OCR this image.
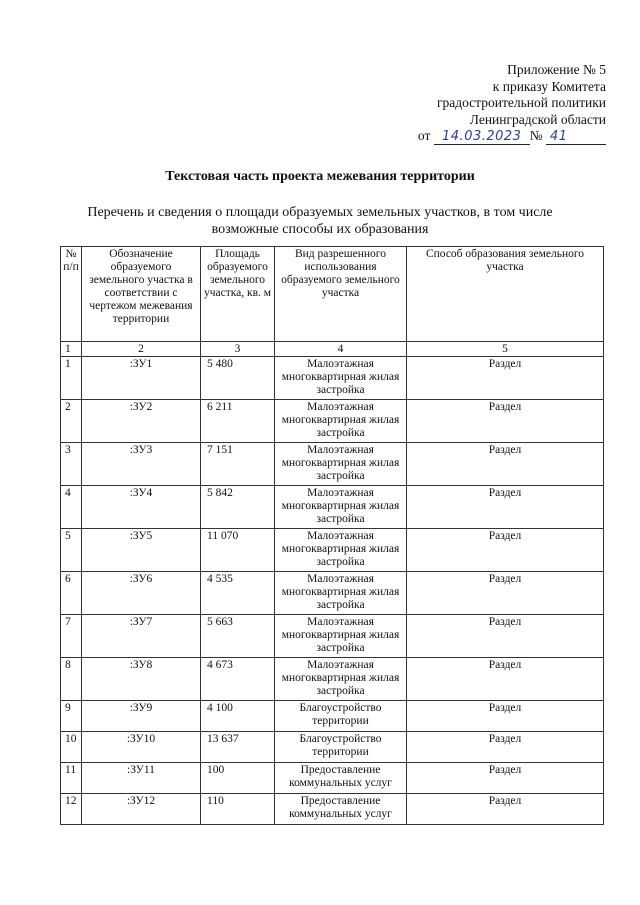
Приложение № 5
к приказу Комитета
градостроительной политики
Ленинградской области
от 14.03.2023 № 41
Текстовая часть проекта межевания территории
Перечень и сведения о площади образуемых земельных участков, в том числе
возможные способы их образования
№ п/п	Обозначение образуемого земельного участка в соответствии с чертежом межевания территории	Площадь образуемого земельного участка, кв. м	Вид разрешенного использования образуемого земельного участка	Способ образования земельного участка
1	2	3	4	5
1	:ЗУ1	5 480	Малоэтажная многоквартирная жилая застройка	Раздел
2	:ЗУ2	6 211	Малоэтажная многоквартирная жилая застройка	Раздел
3	:ЗУ3	7 151	Малоэтажная многоквартирная жилая застройка	Раздел
4	:ЗУ4	5 842	Малоэтажная многоквартирная жилая застройка	Раздел
5	:ЗУ5	11 070	Малоэтажная многоквартирная жилая застройка	Раздел
6	:ЗУ6	4 535	Малоэтажная многоквартирная жилая застройка	Раздел
7	:ЗУ7	5 663	Малоэтажная многоквартирная жилая застройка	Раздел
8	:ЗУ8	4 673	Малоэтажная многоквартирная жилая застройка	Раздел
9	:ЗУ9	4 100	Благоустройство территории	Раздел
10	:ЗУ10	13 637	Благоустройство территории	Раздел
11	:ЗУ11	100	Предоставление коммунальных услуг	Раздел
12	:ЗУ12	110	Предоставление коммунальных услуг	Раздел
